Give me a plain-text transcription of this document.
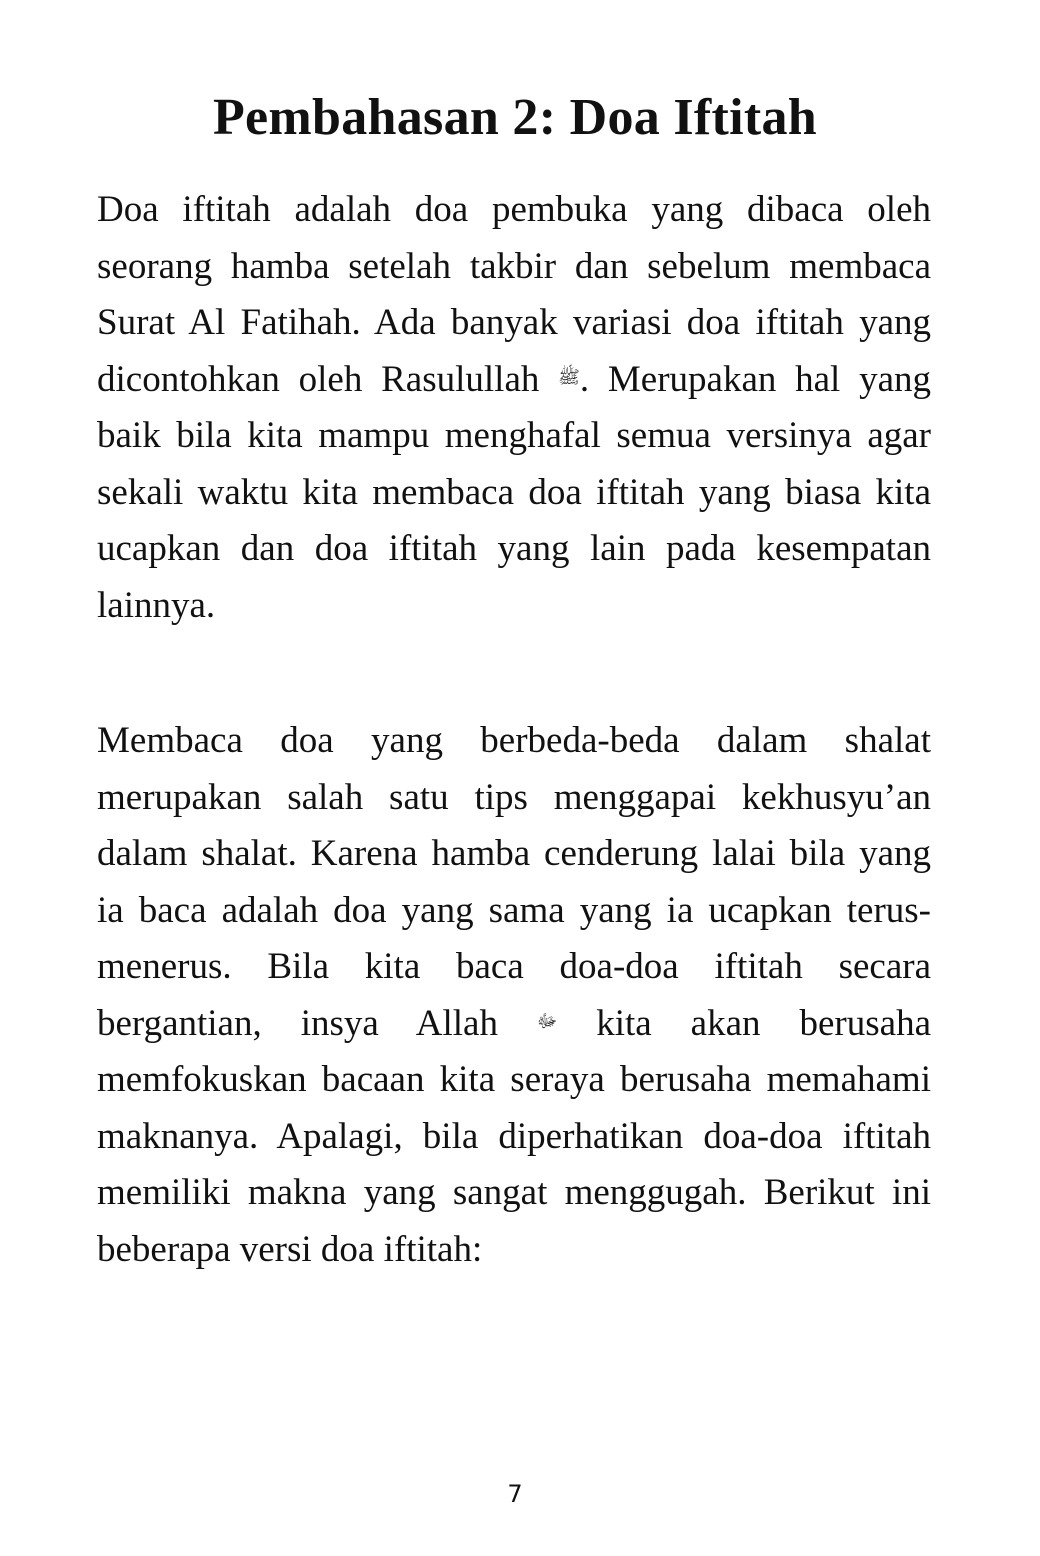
Pembahasan 2: Doa Iftitah

Doa iftitah adalah doa pembuka yang dibaca oleh seorang hamba setelah takbir dan sebelum membaca Surat Al Fatihah. Ada banyak variasi doa iftitah yang dicontohkan oleh Rasulullah ﷺ. Merupakan hal yang baik bila kita mampu menghafal semua versinya agar sekali waktu kita membaca doa iftitah yang biasa kita ucapkan dan doa iftitah yang lain pada kesempatan lainnya.

Membaca doa yang berbeda-beda dalam shalat merupakan salah satu tips menggapai kekhusyu’an dalam shalat. Karena hamba cenderung lalai bila yang ia baca adalah doa yang sama yang ia ucapkan terus-menerus. Bila kita baca doa-doa iftitah secara bergantian, insya Allah ﷻ kita akan berusaha memfokuskan bacaan kita seraya berusaha memahami maknanya. Apalagi, bila diperhatikan doa-doa iftitah memiliki makna yang sangat menggugah. Berikut ini beberapa versi doa iftitah:

7
